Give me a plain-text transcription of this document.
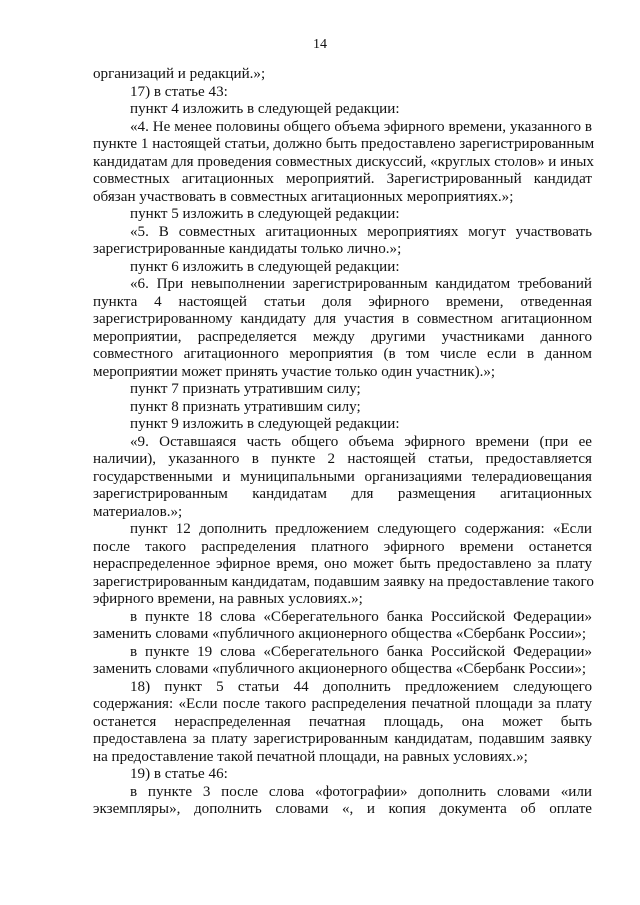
14
организаций и редакций.»;
17) в статье 43:
пункт 4 изложить в следующей редакции:
«4. Не менее половины общего объема эфирного времени, указанного в
пункте 1 настоящей статьи, должно быть предоставлено зарегистрированным
кандидатам для проведения совместных дискуссий, «круглых столов» и иных
совместных агитационных мероприятий. Зарегистрированный кандидат
обязан участвовать в совместных агитационных мероприятиях.»;
пункт 5 изложить в следующей редакции:
«5. В совместных агитационных мероприятиях могут участвовать
зарегистрированные кандидаты только лично.»;
пункт 6 изложить в следующей редакции:
«6. При невыполнении зарегистрированным кандидатом требований
пункта 4 настоящей статьи доля эфирного времени, отведенная
зарегистрированному кандидату для участия в совместном агитационном
мероприятии, распределяется между другими участниками данного
совместного агитационного мероприятия (в том числе если в данном
мероприятии может принять участие только один участник).»;
пункт 7 признать утратившим силу;
пункт 8 признать утратившим силу;
пункт 9 изложить в следующей редакции:
«9. Оставшаяся часть общего объема эфирного времени (при ее
наличии), указанного в пункте 2 настоящей статьи, предоставляется
государственными и муниципальными организациями телерадиовещания
зарегистрированным кандидатам для размещения агитационных
материалов.»;
пункт 12 дополнить предложением следующего содержания: «Если
после такого распределения платного эфирного времени останется
нераспределенное эфирное время, оно может быть предоставлено за плату
зарегистрированным кандидатам, подавшим заявку на предоставление такого
эфирного времени, на равных условиях.»;
в пункте 18 слова «Сберегательного банка Российской Федерации»
заменить словами «публичного акционерного общества «Сбербанк России»;
в пункте 19 слова «Сберегательного банка Российской Федерации»
заменить словами «публичного акционерного общества «Сбербанк России»;
18) пункт 5 статьи 44 дополнить предложением следующего
содержания: «Если после такого распределения печатной площади за плату
останется нераспределенная печатная площадь, она может быть
предоставлена за плату зарегистрированным кандидатам, подавшим заявку
на предоставление такой печатной площади, на равных условиях.»;
19) в статье 46:
в пункте 3 после слова «фотографии» дополнить словами «или
экземпляры», дополнить словами «, и копия документа об оплате
